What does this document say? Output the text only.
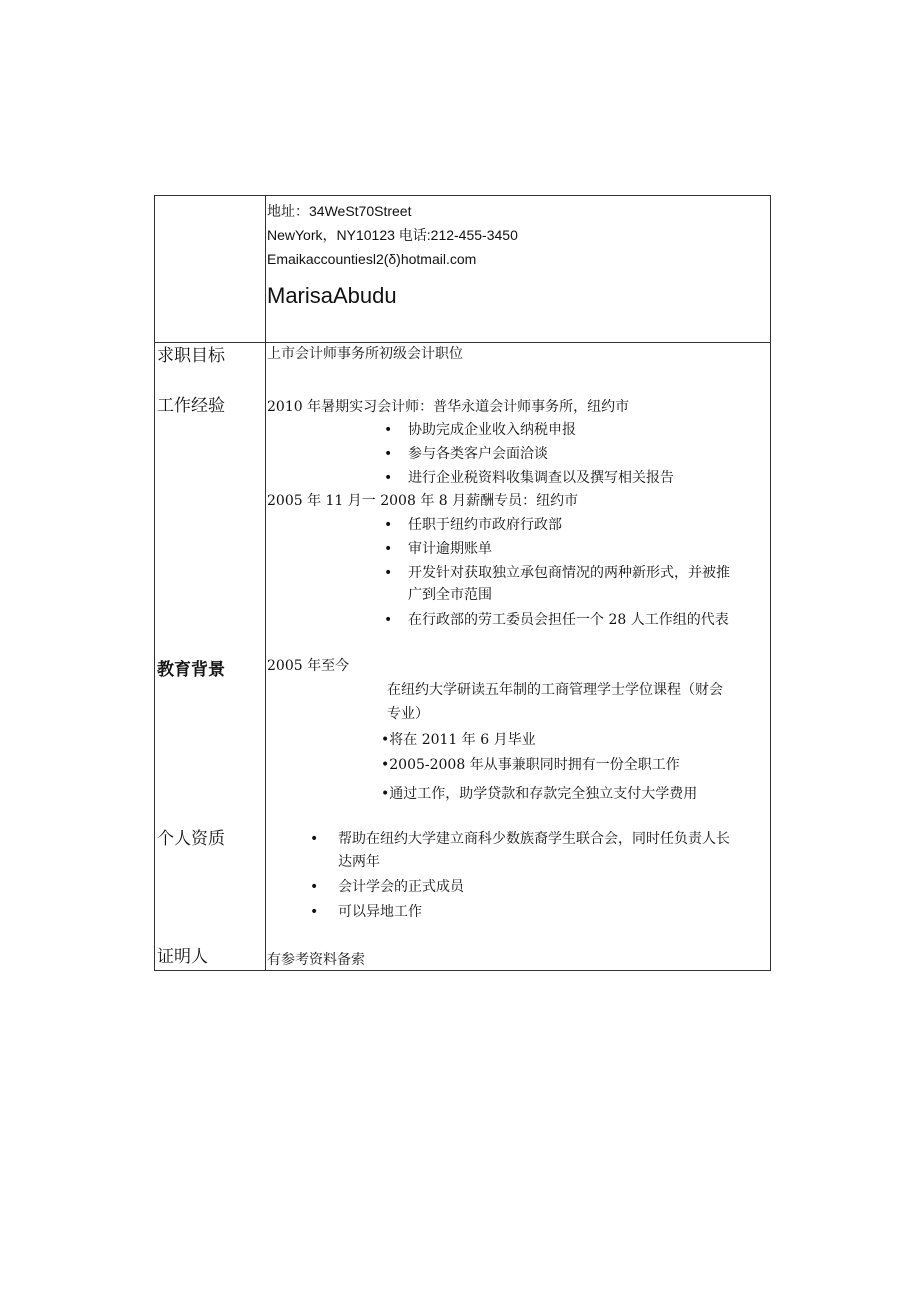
地址：34WeSt70Street
NewYork，NY10123 电话:212-455-3450
Emaikaccountiesl2(δ)hotmail.com
MarisaAbudu
求职目标	上市会计师事务所初级会计职位
工作经验	2010 年暑期实习会计师：普华永道会计师事务所，纽约市
• 协助完成企业收入纳税申报
• 参与各类客户会面洽谈
• 进行企业税资料收集调查以及撰写相关报告
2005 年 11 月一 2008 年 8 月薪酬专员：纽约市
• 任职于纽约市政府行政部
• 审计逾期账单
• 开发针对获取独立承包商情况的两种新形式，并被推
广到全市范围
• 在行政部的劳工委员会担任一个 28 人工作组的代表
教育背景	2005 年至今
在纽约大学研读五年制的工商管理学士学位课程（财会
专业）
•将在 2011 年 6 月毕业
•2005-2008 年从事兼职同时拥有一份全职工作
•通过工作，助学贷款和存款完全独立支付大学费用
个人资质	• 帮助在纽约大学建立商科少数族裔学生联合会，同时任负责人长
达两年
• 会计学会的正式成员
• 可以异地工作
证明人	有参考资料备索
